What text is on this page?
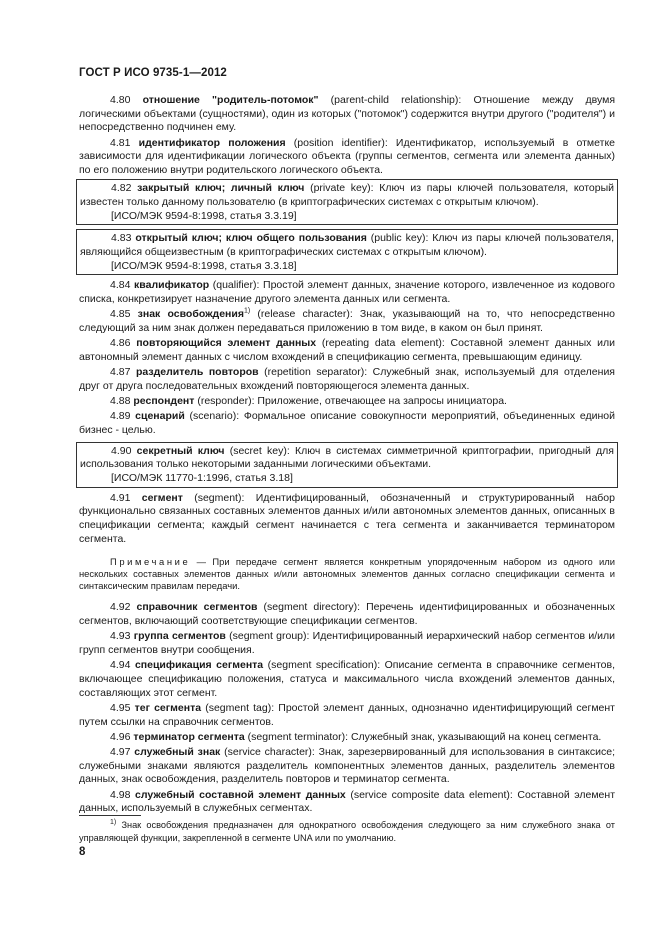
ГОСТ Р ИСО 9735-1—2012

4.80 отношение "родитель-потомок" (parent-child relationship): Отношение между двумя логическими объектами (сущностями), один из которых ("потомок") содержится внутри другого ("родителя") и непосредственно подчинен ему.

4.81 идентификатор положения (position identifier): Идентификатор, используемый в отметке зависимости для идентификации логического объекта (группы сегментов, сегмента или элемента данных) по его положению внутри родительского логического объекта.

4.82 закрытый ключ; личный ключ (private key): Ключ из пары ключей пользователя, который известен только данному пользователю (в криптографических системах с открытым ключом).

[ИСО/МЭК 9594-8:1998, статья 3.3.19]

4.83 открытый ключ; ключ общего пользования (public key): Ключ из пары ключей пользователя, являющийся общеизвестным (в криптографических системах с открытым ключом).

[ИСО/МЭК 9594-8:1998, статья 3.3.18]

4.84 квалификатор (qualifier): Простой элемент данных, значение которого, извлеченное из кодового списка, конкретизирует назначение другого элемента данных или сегмента.

4.85 знак освобождения$^{1)}$ (release character): Знак, указывающий на то, что непосредственно следующий за ним знак должен передаваться приложению в том виде, в каком он был принят.

4.86 повторяющийся элемент данных (repeating data element): Составной элемент данных или автономный элемент данных с числом вхождений в спецификацию сегмента, превышающим единицу.

4.87 разделитель повторов (repetition separator): Служебный знак, используемый для отделения друг от друга последовательных вхождений повторяющегося элемента данных.

4.88 респондент (responder): Приложение, отвечающее на запросы инициатора.

4.89 сценарий (scenario): Формальное описание совокупности мероприятий, объединенных единой бизнес - целью.

4.90 секретный ключ (secret key): Ключ в системах симметричной криптографии, пригодный для использования только некоторыми заданными логическими объектами.

[ИСО/МЭК 11770-1:1996, статья 3.18]

4.91 сегмент (segment): Идентифицированный, обозначенный и структурированный набор функционально связанных составных элементов данных и/или автономных элементов данных, описанных в спецификации сегмента; каждый сегмент начинается с тега сегмента и заканчивается терминатором сегмента.

Примечание — При передаче сегмент является конкретным упорядоченным набором из одного или нескольких составных элементов данных и/или автономных элементов данных согласно спецификации сегмента и синтаксическим правилам передачи.

4.92 справочник сегментов (segment directory): Перечень идентифицированных и обозначенных сегментов, включающий соответствующие спецификации сегментов.

4.93 группа сегментов (segment group): Идентифицированный иерархический набор сегментов и/или групп сегментов внутри сообщения.

4.94 спецификация сегмента (segment specification): Описание сегмента в справочнике сегментов, включающее спецификацию положения, статуса и максимального числа вхождений элементов данных, составляющих этот сегмент.

4.95 тег сегмента (segment tag): Простой элемент данных, однозначно идентифицирующий сегмент путем ссылки на справочник сегментов.

4.96 терминатор сегмента (segment terminator): Служебный знак, указывающий на конец сегмента.

4.97 служебный знак (service character): Знак, зарезервированный для использования в синтаксисе; служебными знаками являются разделитель компонентных элементов данных, разделитель элементов данных, знак освобождения, разделитель повторов и терминатор сегмента.

4.98 служебный составной элемент данных (service composite data element): Составной элемент данных, используемый в служебных сегментах.

$^{1)}$ Знак освобождения предназначен для однократного освобождения следующего за ним служебного знака от управляющей функции, закрепленной в сегменте UNA или по умолчанию.

8
